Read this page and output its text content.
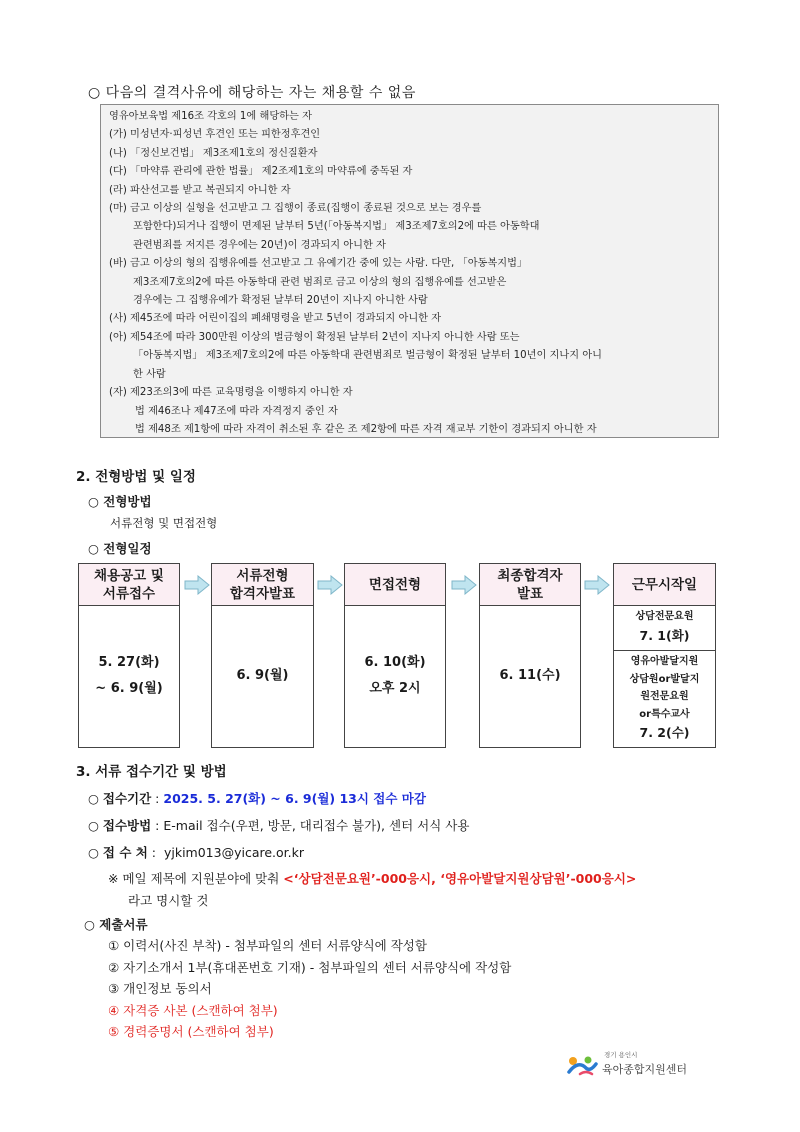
○ 다음의 결격사유에 해당하는 자는 채용할 수 없음
영유아보육법 제16조 각호의 1에 해당하는 자
(가) 미성년자·피성년 후견인 또는 피한정후견인
(나) 「정신보건법」 제3조제1호의 정신질환자
(다) 「마약류 관리에 관한 법률」 제2조제1호의 마약류에 중독된 자
(라) 파산선고를 받고 복권되지 아니한 자
(마) 금고 이상의 실형을 선고받고 그 집행이 종료(집행이 종료된 것으로 보는 경우를
포함한다)되거나 집행이 면제된 날부터 5년(「아동복지법」 제3조제7호의2에 따른 아동학대
관련범죄를 저지른 경우에는 20년)이 경과되지 아니한 자
(바) 금고 이상의 형의 집행유예를 선고받고 그 유예기간 중에 있는 사람. 다만, 「아동복지법」
제3조제7호의2에 따른 아동학대 관련 범죄로 금고 이상의 형의 집행유예를 선고받은
경우에는 그 집행유예가 확정된 날부터 20년이 지나지 아니한 사람
(사) 제45조에 따라 어린이집의 폐쇄명령을 받고 5년이 경과되지 아니한 자
(아) 제54조에 따라 300만원 이상의 벌금형이 확정된 날부터 2년이 지나지 아니한 사람 또는
「아동복지법」 제3조제7호의2에 따른 아동학대 관련범죄로 벌금형이 확정된 날부터 10년이 지나지 아니
한 사람
(자) 제23조의3에 따른 교육명령을 이행하지 아니한 자
법 제46조나 제47조에 따라 자격정지 중인 자
법 제48조 제1항에 따라 자격이 취소된 후 같은 조 제2항에 따른 자격 재교부 기한이 경과되지 아니한 자
2. 전형방법 및 일정
○ 전형방법
서류전형 및 면접전형
○ 전형일정
채용공고 및
서류접수
5. 27(화)
~ 6. 9(월)
서류전형
합격자발표
6. 9(월)
면접전형
6. 10(화)
오후 2시
최종합격자
발표
6. 11(수)
근무시작일
상담전문요원
7. 1(화)
영유아발달지원
상담원or발달지
원전문요원
or특수교사
7. 2(수)
3. 서류 접수기간 및 방법
○ 접수기간 : 2025. 5. 27(화) ~ 6. 9(월) 13시 접수 마감
○ 접수방법 : E-mail 접수(우편, 방문, 대리접수 불가), 센터 서식 사용
○ 접 수 처 :  yjkim013@yicare.or.kr
※ 메일 제목에 지원분야에 맞춰 <‘상담전문요원’-000응시, ‘영유아발달지원상담원’-000응시>
라고 명시할 것
○ 제출서류
① 이력서(사진 부착) - 첨부파일의 센터 서류양식에 작성함
② 자기소개서 1부(휴대폰번호 기재) - 첨부파일의 센터 서류양식에 작성함
③ 개인정보 동의서
④ 자격증 사본 (스캔하여 첨부)
⑤ 경력증명서 (스캔하여 첨부)
경기 용인시
육아종합지원센터
